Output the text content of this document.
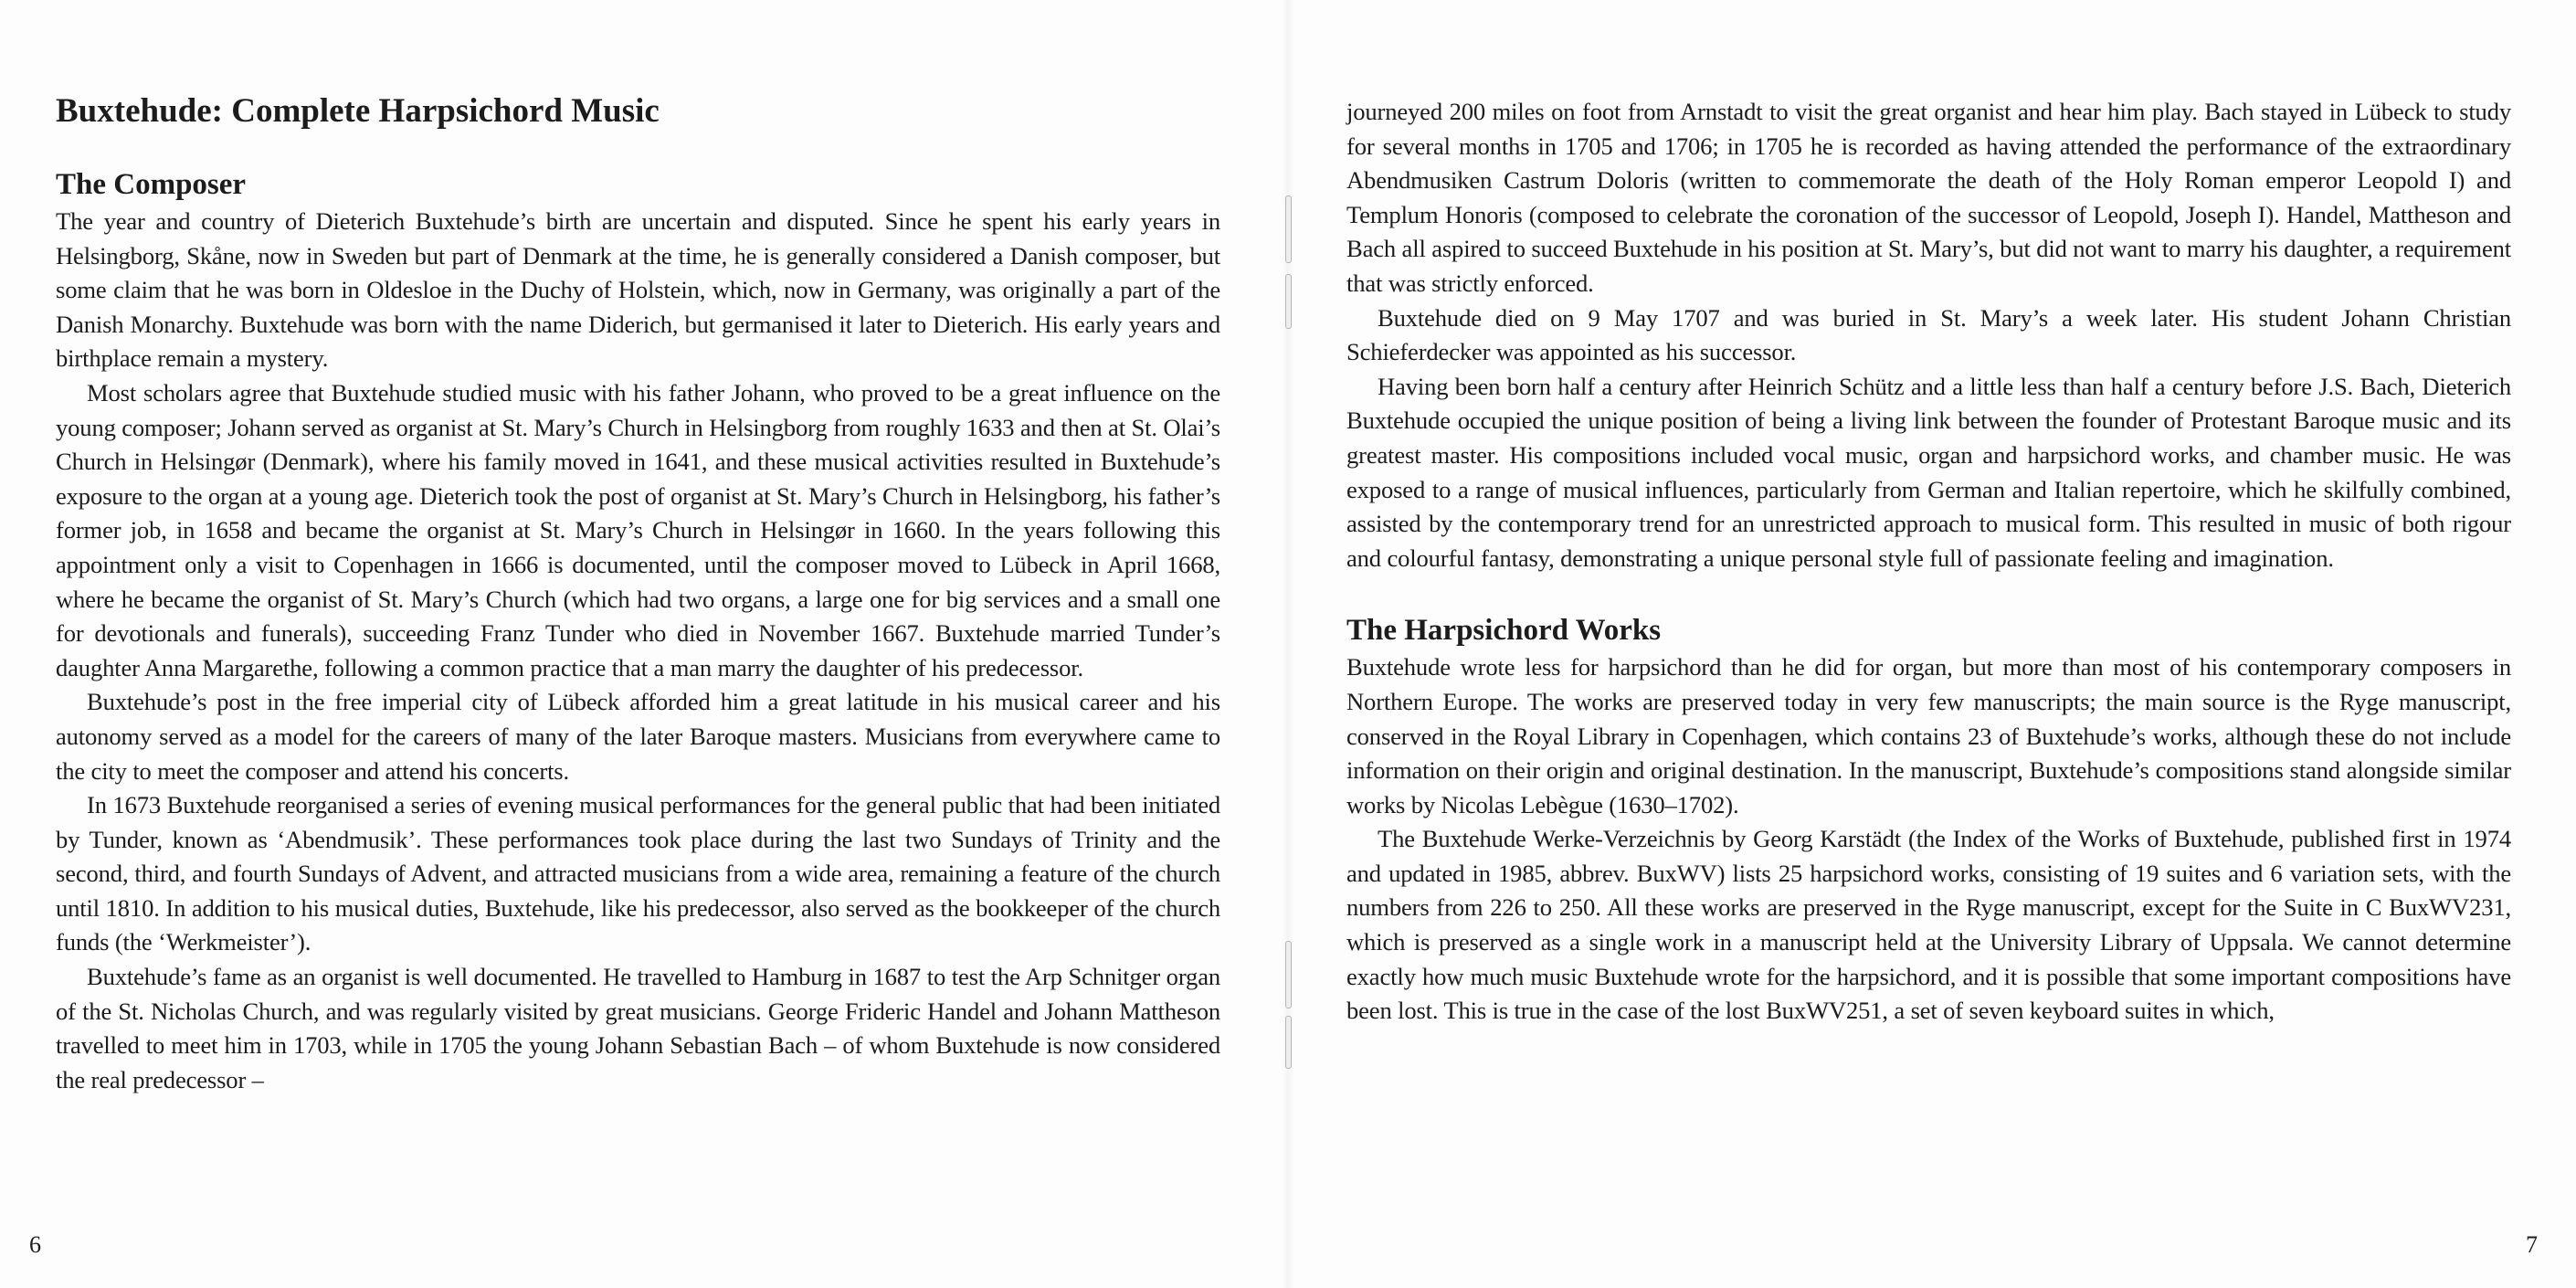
Buxtehude: Complete Harpsichord Music
The Composer

The year and country of Dieterich Buxtehude’s birth are uncertain and disputed. Since he spent his early years in Helsingborg, Skåne, now in Sweden but part of Denmark at the time, he is generally considered a Danish composer, but some claim that he was born in Oldesloe in the Duchy of Holstein, which, now in Germany, was originally a part of the Danish Monarchy. Buxtehude was born with the name Diderich, but germanised it later to Dieterich. His early years and birthplace remain a mystery.

Most scholars agree that Buxtehude studied music with his father Johann, who proved to be a great influence on the young composer; Johann served as organist at St. Mary’s Church in Helsingborg from roughly 1633 and then at St. Olai’s Church in Helsingør (Denmark), where his family moved in 1641, and these musical activities resulted in Buxtehude’s exposure to the organ at a young age. Dieterich took the post of organist at St. Mary’s Church in Helsingborg, his father’s former job, in 1658 and became the organist at St. Mary’s Church in Helsingør in 1660. In the years following this appointment only a visit to Copenhagen in 1666 is documented, until the composer moved to Lübeck in April 1668, where he became the organist of St. Mary’s Church (which had two organs, a large one for big services and a small one for devotionals and funerals), succeeding Franz Tunder who died in November 1667. Buxtehude married Tunder’s daughter Anna Margarethe, following a common practice that a man marry the daughter of his predecessor.

Buxtehude’s post in the free imperial city of Lübeck afforded him a great latitude in his musical career and his autonomy served as a model for the careers of many of the later Baroque masters. Musicians from everywhere came to the city to meet the composer and attend his concerts.

In 1673 Buxtehude reorganised a series of evening musical performances for the general public that had been initiated by Tunder, known as ‘Abendmusik’. These performances took place during the last two Sundays of Trinity and the second, third, and fourth Sundays of Advent, and attracted musicians from a wide area, remaining a feature of the church until 1810. In addition to his musical duties, Buxtehude, like his predecessor, also served as the bookkeeper of the church funds (the ‘Werkmeister’).

Buxtehude’s fame as an organist is well documented. He travelled to Hamburg in 1687 to test the Arp Schnitger organ of the St. Nicholas Church, and was regularly visited by great musicians. George Frideric Handel and Johann Mattheson travelled to meet him in 1703, while in 1705 the young Johann Sebastian Bach – of whom Buxtehude is now considered the real predecessor –

6

journeyed 200 miles on foot from Arnstadt to visit the great organist and hear him play. Bach stayed in Lübeck to study for several months in 1705 and 1706; in 1705 he is recorded as having attended the performance of the extraordinary Abendmusiken Castrum Doloris (written to commemorate the death of the Holy Roman emperor Leopold I) and Templum Honoris (composed to celebrate the coronation of the successor of Leopold, Joseph I). Handel, Mattheson and Bach all aspired to succeed Buxtehude in his position at St. Mary’s, but did not want to marry his daughter, a requirement that was strictly enforced.

Buxtehude died on 9 May 1707 and was buried in St. Mary’s a week later. His student Johann Christian Schieferdecker was appointed as his successor.

Having been born half a century after Heinrich Schütz and a little less than half a century before J.S. Bach, Dieterich Buxtehude occupied the unique position of being a living link between the founder of Protestant Baroque music and its greatest master. His compositions included vocal music, organ and harpsichord works, and chamber music. He was exposed to a range of musical influences, particularly from German and Italian repertoire, which he skilfully combined, assisted by the contemporary trend for an unrestricted approach to musical form. This resulted in music of both rigour and colourful fantasy, demonstrating a unique personal style full of passionate feeling and imagination.

The Harpsichord Works

Buxtehude wrote less for harpsichord than he did for organ, but more than most of his contemporary composers in Northern Europe. The works are preserved today in very few manuscripts; the main source is the Ryge manuscript, conserved in the Royal Library in Copenhagen, which contains 23 of Buxtehude’s works, although these do not include information on their origin and original destination. In the manuscript, Buxtehude’s compositions stand alongside similar works by Nicolas Lebègue (1630–1702).

The Buxtehude Werke-Verzeichnis by Georg Karstädt (the Index of the Works of Buxtehude, published first in 1974 and updated in 1985, abbrev. BuxWV) lists 25 harpsichord works, consisting of 19 suites and 6 variation sets, with the numbers from 226 to 250. All these works are preserved in the Ryge manuscript, except for the Suite in C BuxWV231, which is preserved as a single work in a manuscript held at the University Library of Uppsala. We cannot determine exactly how much music Buxtehude wrote for the harpsichord, and it is possible that some important compositions have been lost. This is true in the case of the lost BuxWV251, a set of seven keyboard suites in which,

7
